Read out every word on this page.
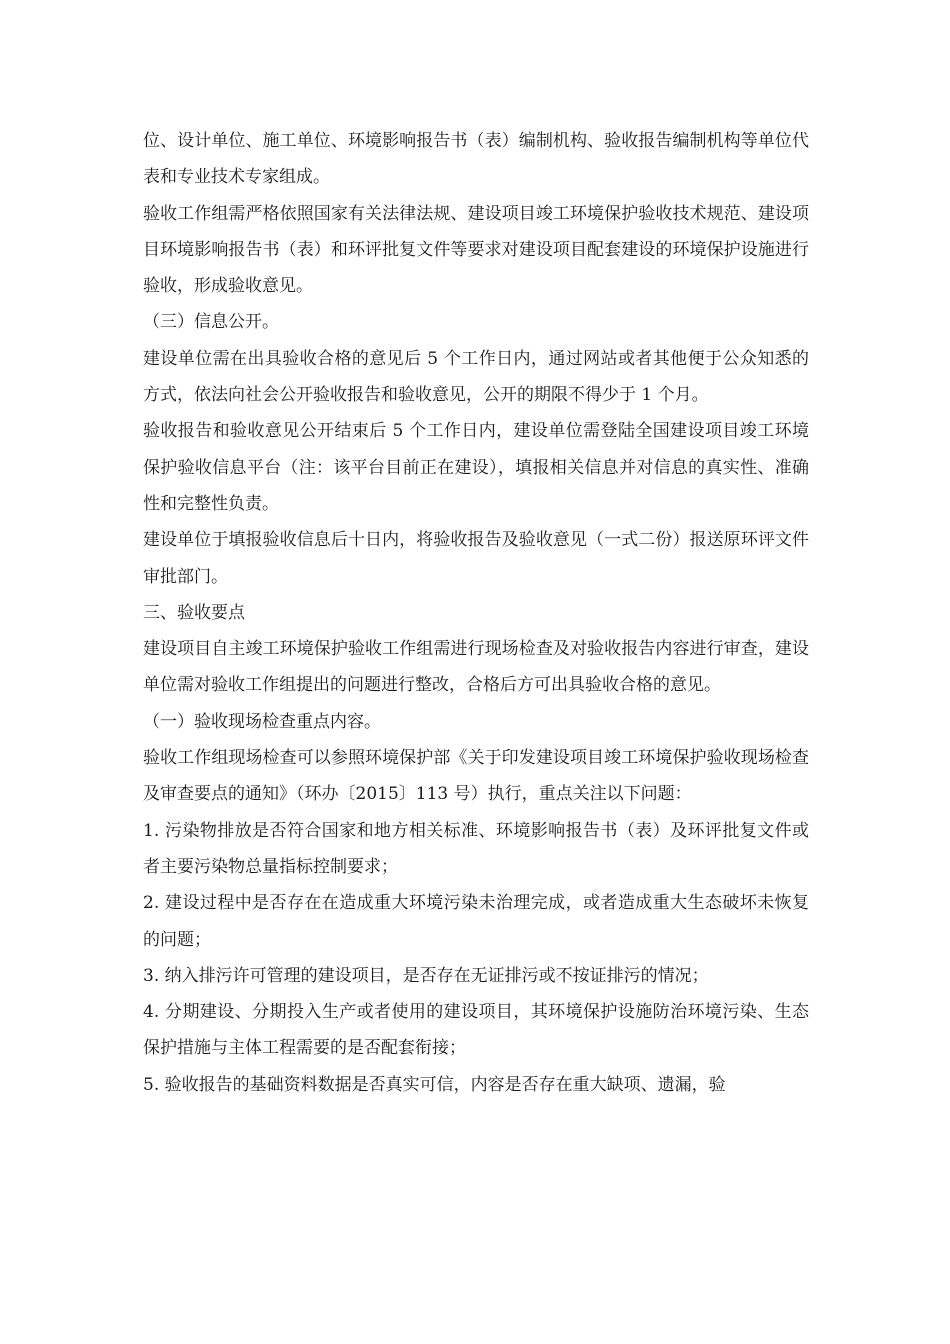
位、设计单位、施工单位、环境影响报告书（表）编制机构、验收报告编制机构等单位代表和专业技术专家组成。

验收工作组需严格依照国家有关法律法规、建设项目竣工环境保护验收技术规范、建设项目环境影响报告书（表）和环评批复文件等要求对建设项目配套建设的环境保护设施进行验收，形成验收意见。

（三）信息公开。

建设单位需在出具验收合格的意见后 5 个工作日内，通过网站或者其他便于公众知悉的方式，依法向社会公开验收报告和验收意见，公开的期限不得少于 1 个月。

验收报告和验收意见公开结束后 5 个工作日内，建设单位需登陆全国建设项目竣工环境保护验收信息平台（注：该平台目前正在建设），填报相关信息并对信息的真实性、准确性和完整性负责。

建设单位于填报验收信息后十日内，将验收报告及验收意见（一式二份）报送原环评文件审批部门。

三、验收要点

建设项目自主竣工环境保护验收工作组需进行现场检查及对验收报告内容进行审查，建设单位需对验收工作组提出的问题进行整改，合格后方可出具验收合格的意见。

（一）验收现场检查重点内容。

验收工作组现场检查可以参照环境保护部《关于印发建设项目竣工环境保护验收现场检查及审查要点的通知》（环办〔2015〕113 号）执行，重点关注以下问题：

1. 污染物排放是否符合国家和地方相关标准、环境影响报告书（表）及环评批复文件或者主要污染物总量指标控制要求；

2. 建设过程中是否存在在造成重大环境污染未治理完成，或者造成重大生态破坏未恢复的问题；

3. 纳入排污许可管理的建设项目，是否存在无证排污或不按证排污的情况；

4. 分期建设、分期投入生产或者使用的建设项目，其环境保护设施防治环境污染、生态保护措施与主体工程需要的是否配套衔接；

5. 验收报告的基础资料数据是否真实可信，内容是否存在重大缺项、遗漏，验
